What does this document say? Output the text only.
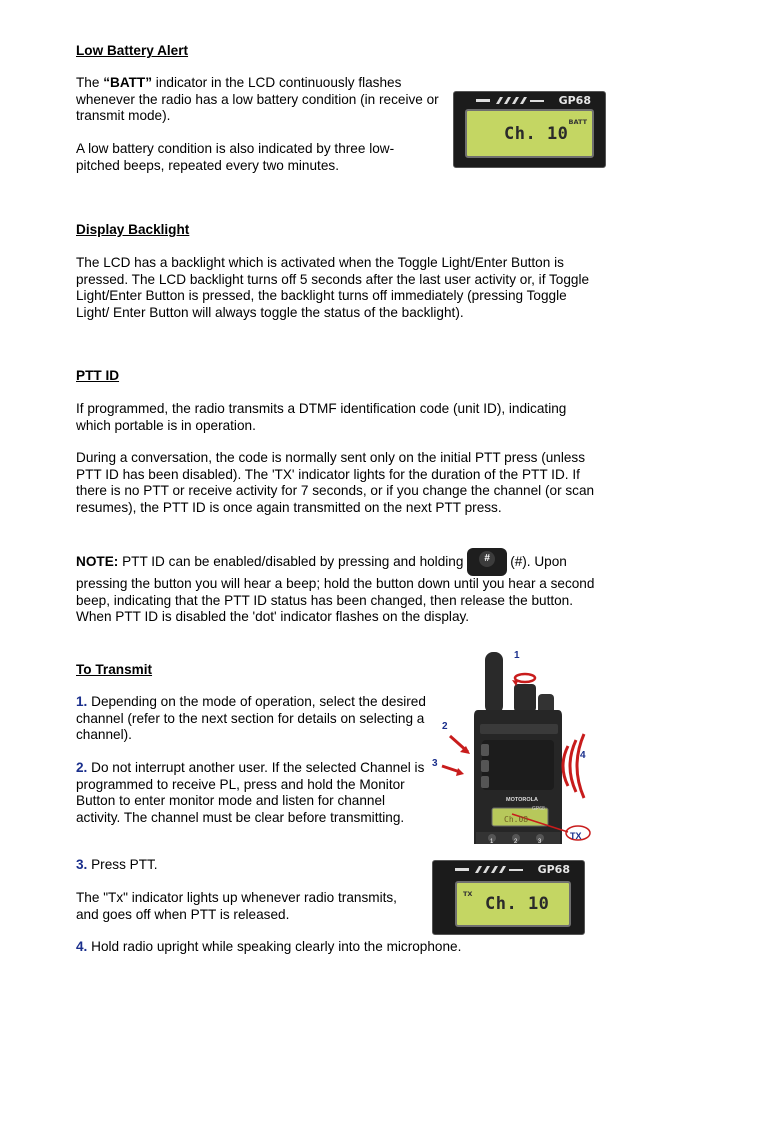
Low Battery Alert

The “BATT” indicator in the LCD continuously flashes whenever the radio has a low battery condition (in receive or transmit mode).

A low battery condition is also indicated by three low-pitched beeps, repeated every two minutes.

GP68
BATT
Ch. 10
Display Backlight

The LCD has a backlight which is activated when the Toggle Light/Enter Button is pressed. The LCD backlight turns off 5 seconds after the last user activity or, if Toggle Light/Enter Button is pressed, the backlight turns off immediately (pressing Toggle Light/ Enter Button will always toggle the status of the backlight).

PTT ID

If programmed, the radio transmits a DTMF identification code (unit ID), indicating which portable is in operation.

During a conversation, the code is normally sent only on the initial PTT press (unless PTT ID has been disabled). The 'TX' indicator lights for the duration of the PTT ID. If there is no PTT or receive activity for 7 seconds, or if you change the channel (or scan resumes), the PTT ID is once again transmitted on the next PTT press.

NOTE: PTT ID can be enabled/disabled by pressing and holding	#	(#). Upon pressing the button you will hear a beep; hold the button down until you hear a second beep, indicating that the PTT ID status has been changed, then release the button. When PTT ID is disabled the 'dot' indicator flashes on the display.

To Transmit

1. Depending on the mode of operation, select the desired channel (refer to the next section for details on selecting a channel).

2. Do not interrupt another user. If the selected Channel is programmed to receive PL, press and hold the Monitor Button to enter monitor mode and listen for channel activity. The channel must be clear before transmitting.

3. Press PTT.

The "Tx" indicator lights up whenever radio transmits, and goes off when PTT is released.

4. Hold radio upright while speaking clearly into the microphone.

1
2
3
4
MOTOROLA
GP68
Ch.08
TX
1	2	3
GP68
TX Ch. 10
